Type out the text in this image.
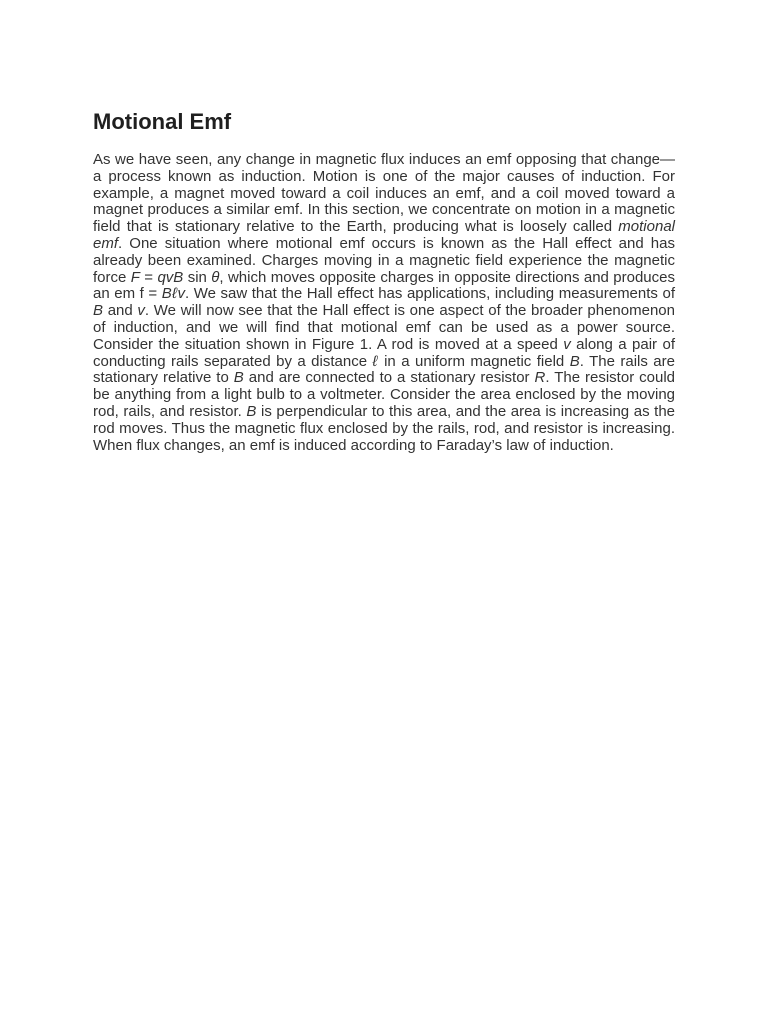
Motional Emf

As we have seen, any change in magnetic flux induces an emf opposing that change—a process known as induction. Motion is one of the major causes of induction. For example, a magnet moved toward a coil induces an emf, and a coil moved toward a magnet produces a similar emf. In this section, we concentrate on motion in a magnetic field that is stationary relative to the Earth, producing what is loosely called motional emf. One situation where motional emf occurs is known as the Hall effect and has already been examined. Charges moving in a magnetic field experience the magnetic force F = qvB sin θ, which moves opposite charges in opposite directions and produces an em f = Bℓv. We saw that the Hall effect has applications, including measurements of B and v. We will now see that the Hall effect is one aspect of the broader phenomenon of induction, and we will find that motional emf can be used as a power source. Consider the situation shown in Figure 1. A rod is moved at a speed v along a pair of conducting rails separated by a distance ℓ in a uniform magnetic field B. The rails are stationary relative to B and are connected to a stationary resistor R. The resistor could be anything from a light bulb to a voltmeter. Consider the area enclosed by the moving rod, rails, and resistor. B is perpendicular to this area, and the area is increasing as the rod moves. Thus the magnetic flux enclosed by the rails, rod, and resistor is increasing. When flux changes, an emf is induced according to Faraday’s law of induction.
